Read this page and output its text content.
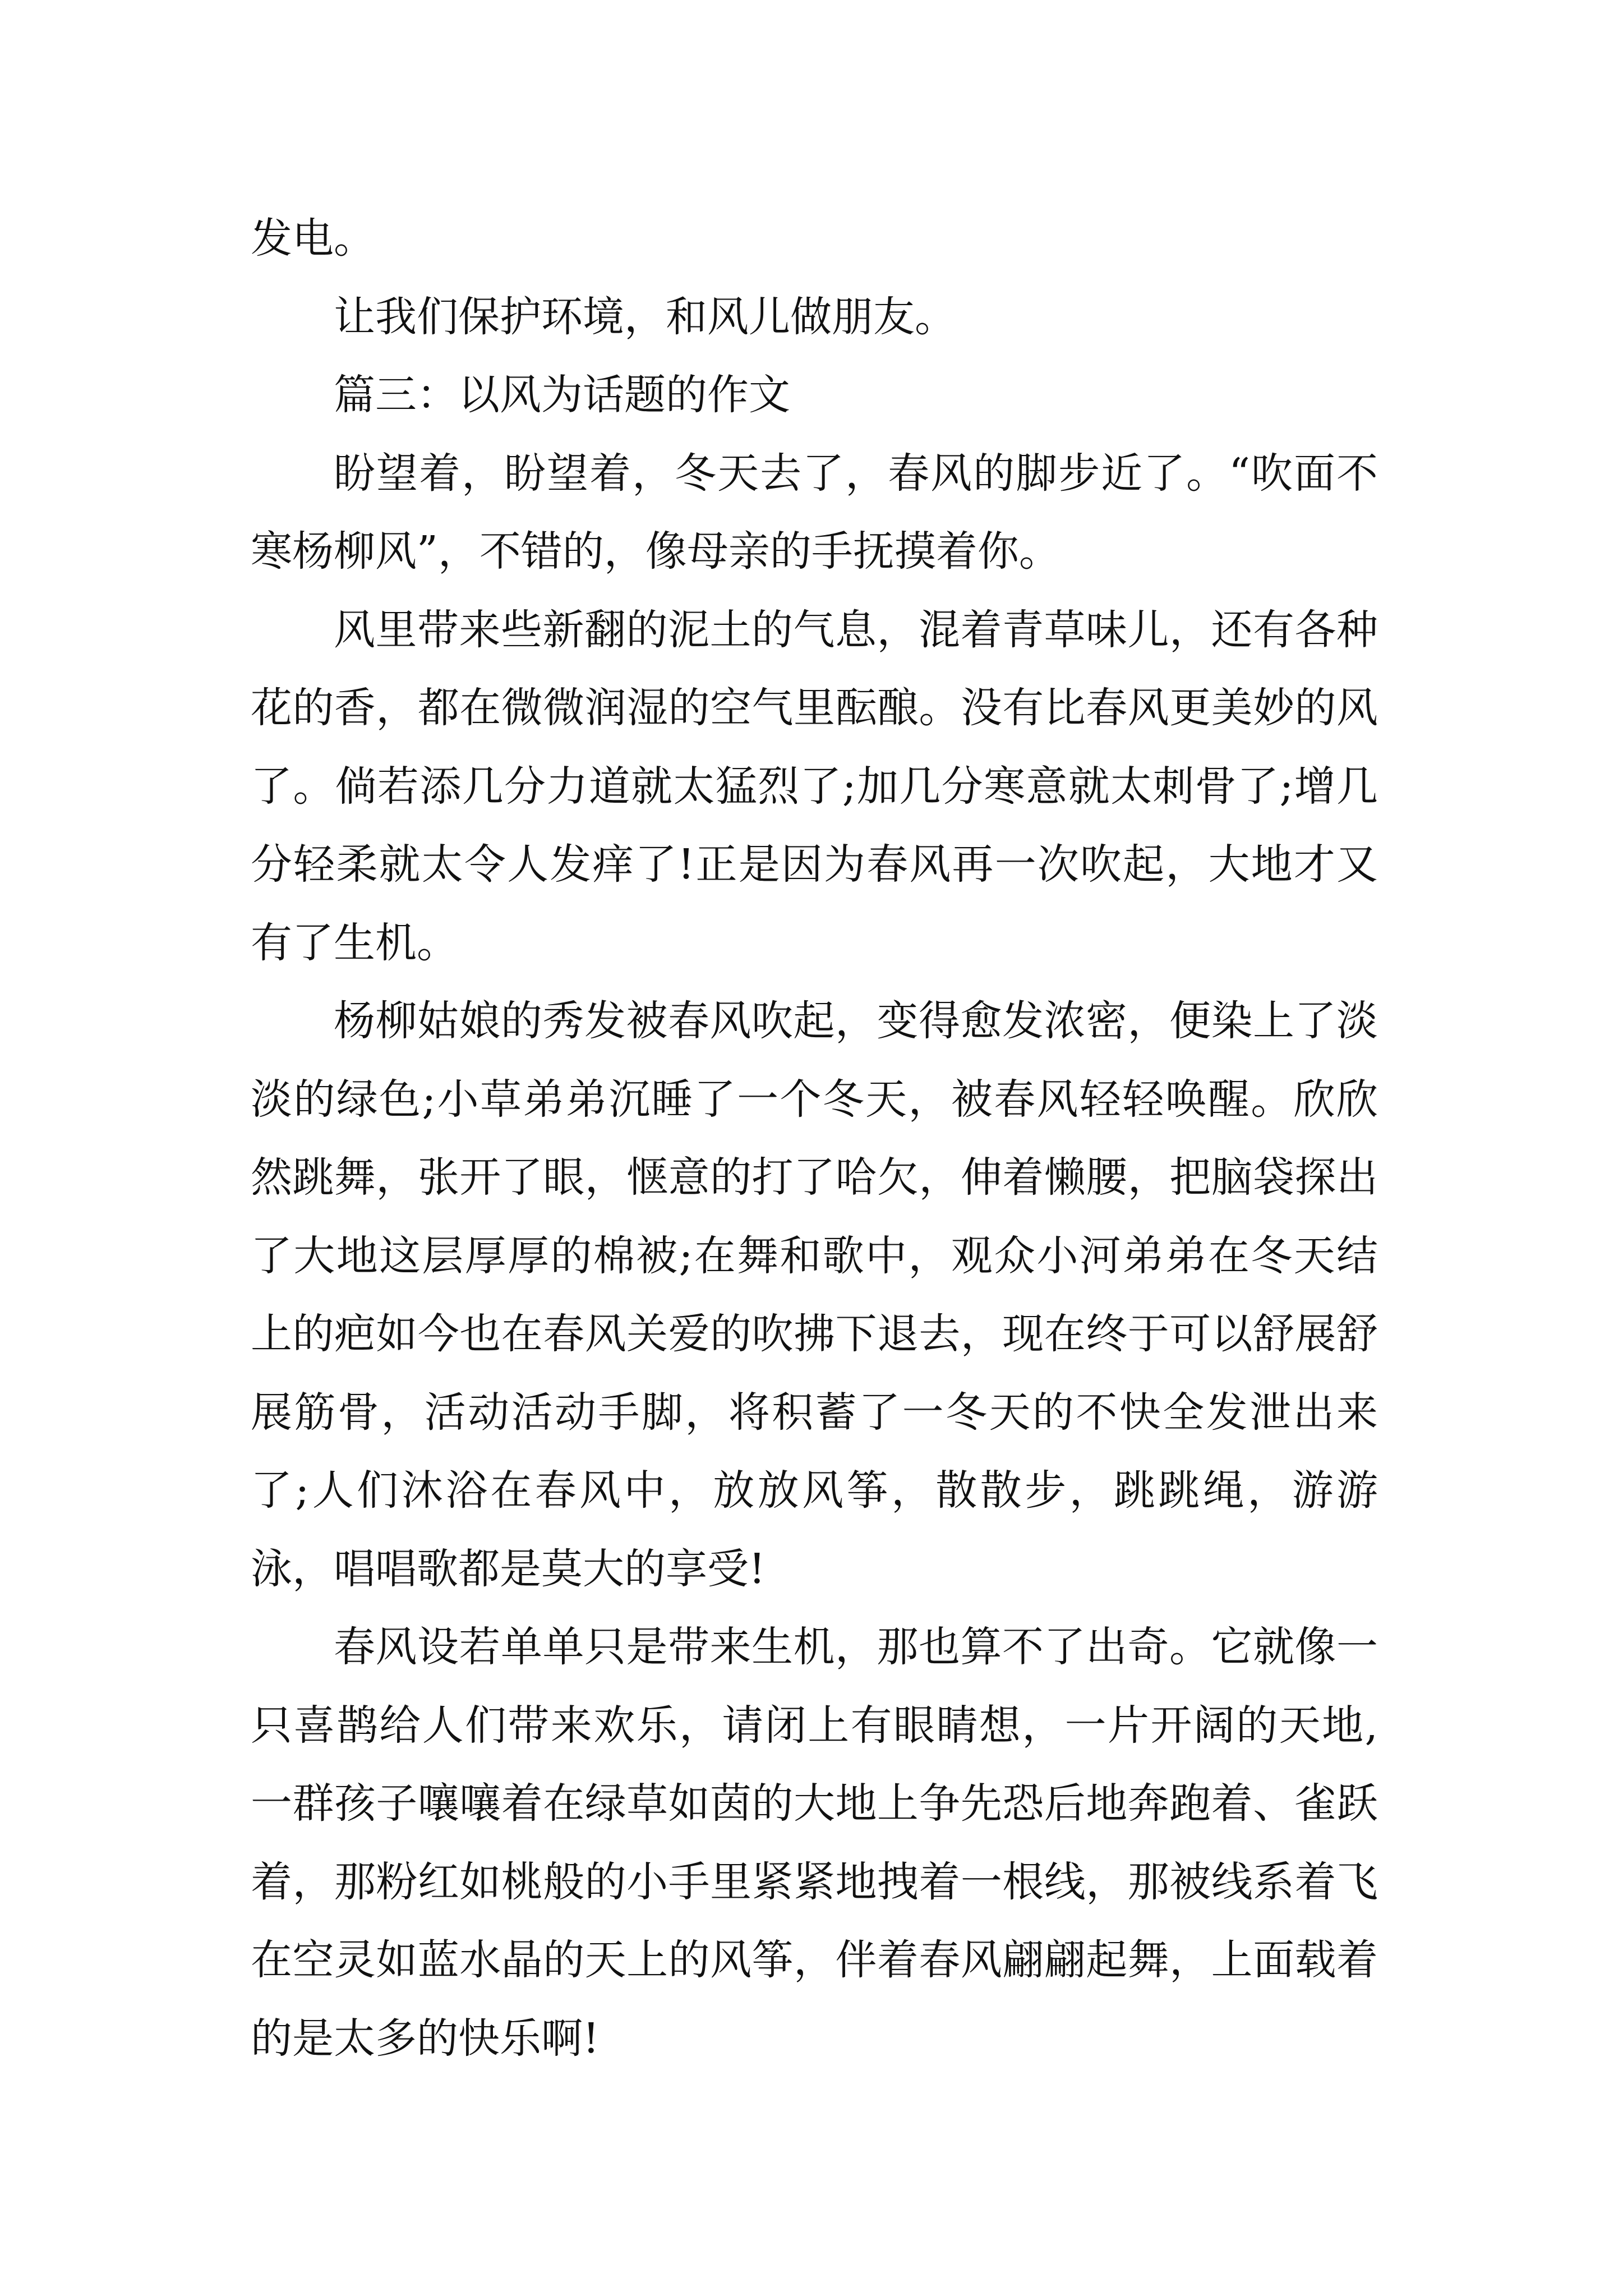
发电。

让我们保护环境，和风儿做朋友。

篇三：以风为话题的作文

盼望着，盼望着，冬天去了，春风的脚步近了。“吹面不寒杨柳风”，不错的，像母亲的手抚摸着你。

风里带来些新翻的泥土的气息，混着青草味儿，还有各种花的香，都在微微润湿的空气里酝酿。没有比春风更美妙的风了。倘若添几分力道就太猛烈了;加几分寒意就太刺骨了;增几分轻柔就太令人发痒了!正是因为春风再一次吹起，大地才又有了生机。

杨柳姑娘的秀发被春风吹起，变得愈发浓密，便染上了淡淡的绿色;小草弟弟沉睡了一个冬天，被春风轻轻唤醒。欣欣然跳舞，张开了眼，惬意的打了哈欠，伸着懒腰，把脑袋探出了大地这层厚厚的棉被;在舞和歌中，观众小河弟弟在冬天结上的疤如今也在春风关爱的吹拂下退去，现在终于可以舒展舒展筋骨，活动活动手脚，将积蓄了一冬天的不快全发泄出来了;人们沐浴在春风中，放放风筝，散散步，跳跳绳，游游泳，唱唱歌都是莫大的享受!

春风设若单单只是带来生机，那也算不了出奇。它就像一只喜鹊给人们带来欢乐，请闭上有眼睛想，一片开阔的天地,一群孩子嚷嚷着在绿草如茵的大地上争先恐后地奔跑着、雀跃着，那粉红如桃般的小手里紧紧地拽着一根线，那被线系着飞在空灵如蓝水晶的天上的风筝，伴着春风翩翩起舞，上面载着的是太多的快乐啊!
